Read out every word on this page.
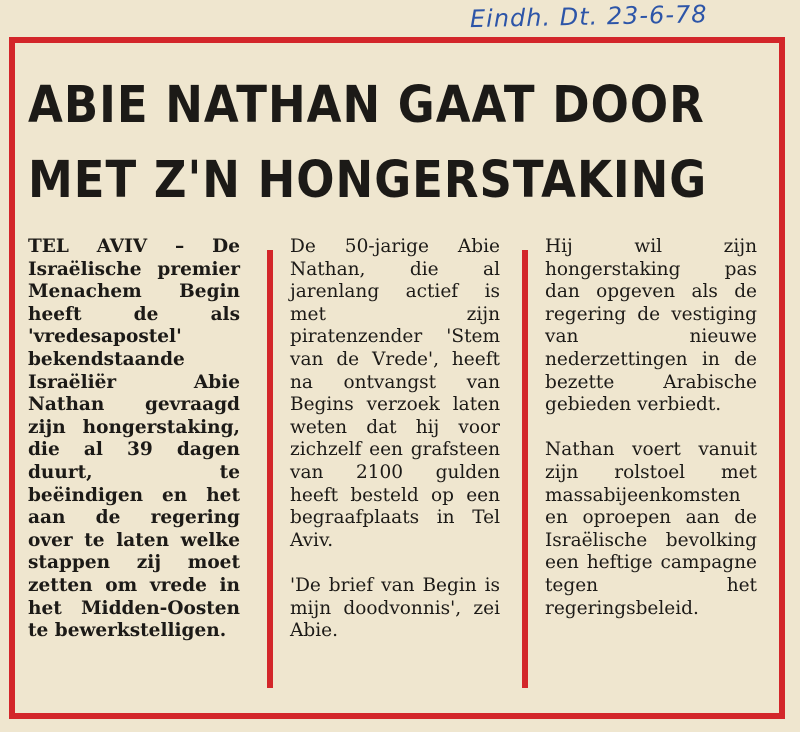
Eindh. Dt. 23-6-78
ABIE NATHAN GAAT DOOR
MET Z'N HONGERSTAKING

TEL AVIV – De Israëlische premier Menachem Begin heeft de als 'vredesapostel' bekendstaande Israëliër Abie Nathan gevraagd zijn hongerstaking, die al 39 dagen duurt, te beëindigen en het aan de regering over te laten welke stappen zij moet zetten om vrede in het Midden-Oosten te bewerkstelligen.

De 50-jarige Abie Nathan, die al jarenlang actief is met zijn piratenzender 'Stem van de Vrede', heeft na ontvangst van Begins verzoek laten weten dat hij voor zichzelf een grafsteen van 2100 gulden heeft besteld op een begraafplaats in Tel Aviv.

'De brief van Begin is mijn doodvonnis', zei Abie.

Hij wil zijn hongerstaking pas dan opgeven als de regering de vestiging van nieuwe nederzettingen in de bezette Arabische gebieden verbiedt.

Nathan voert vanuit zijn rolstoel met massabijeenkomsten en oproepen aan de Israëlische bevolking een heftige campagne tegen het regeringsbeleid.
